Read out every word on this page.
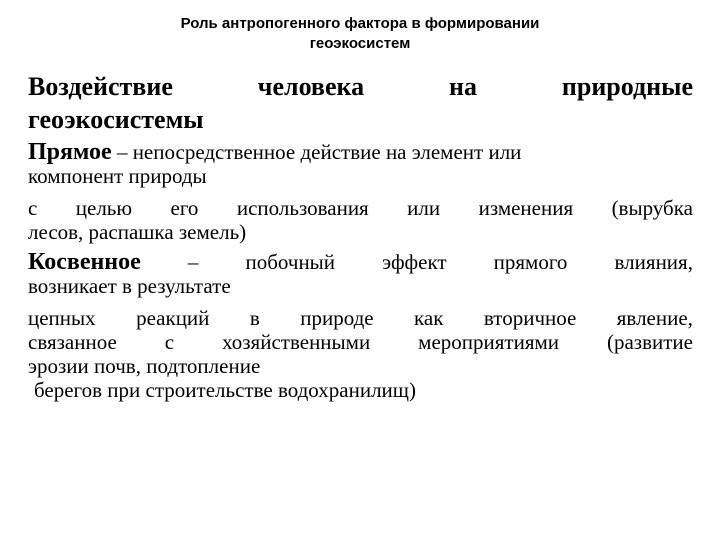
Роль антропогенного фактора в формировании
геоэкосистем
Воздействие	человека	на	природные
геоэкосистемы
Прямое – непосредственное действие на элемент или
компонент природы
с целью его использования или изменения (вырубка
лесов, распашка земель)
Косвенное – побочный эффект прямого влияния,
возникает в результате
цепных реакций в природе как вторичное явление,
связанное с хозяйственными мероприятиями (развитие
эрозии почв, подтопление
берегов при строительстве водохранилищ)
